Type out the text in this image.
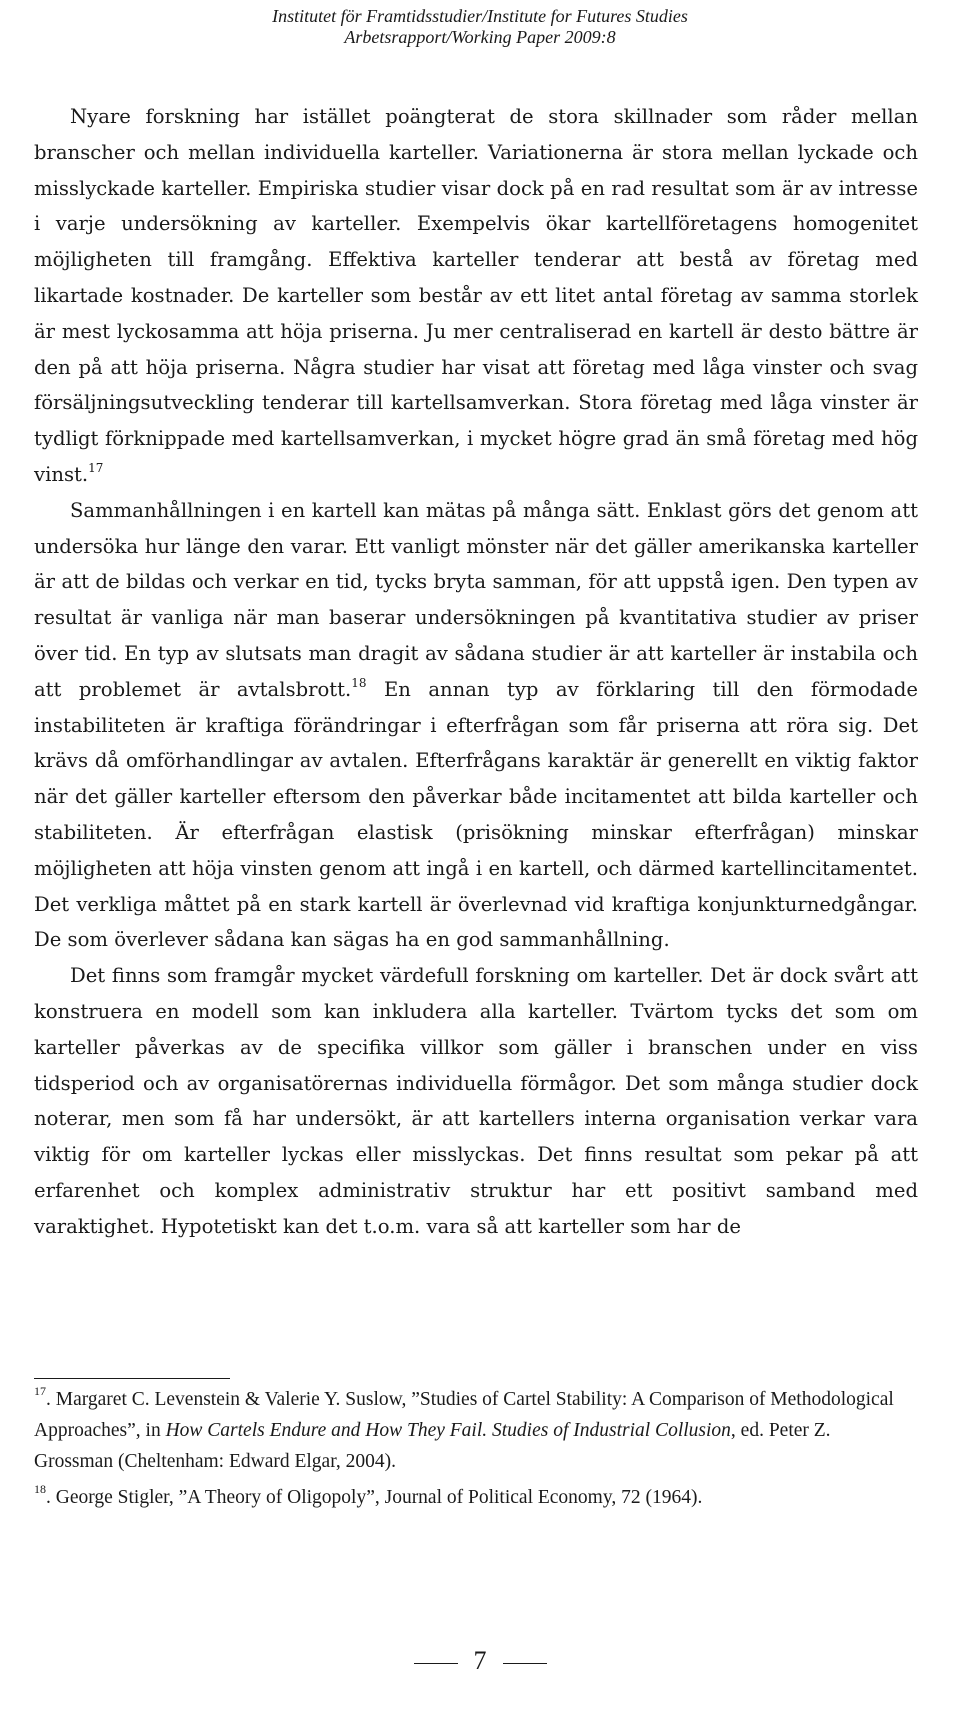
Institutet för Framtidsstudier/Institute for Futures Studies
Arbetsrapport/Working Paper 2009:8

Nyare forskning har istället poängterat de stora skillnader som råder mellan branscher och mellan individuella karteller. Variationerna är stora mellan lyckade och misslyckade karteller. Empiriska studier visar dock på en rad resultat som är av intresse i varje undersökning av karteller. Exempelvis ökar kartellföretagens homogenitet möjligheten till framgång. Effektiva karteller tenderar att bestå av företag med likartade kostnader. De karteller som består av ett litet antal företag av samma storlek är mest lyckosamma att höja priserna. Ju mer centraliserad en kartell är desto bättre är den på att höja priserna. Några studier har visat att företag med låga vinster och svag försäljningsutveckling tenderar till kartellsamverkan. Stora företag med låga vinster är tydligt förknippade med kartellsamverkan, i mycket högre grad än små företag med hög vinst.$^{17}$

Sammanhållningen i en kartell kan mätas på många sätt. Enklast görs det genom att undersöka hur länge den varar. Ett vanligt mönster när det gäller amerikanska karteller är att de bildas och verkar en tid, tycks bryta samman, för att uppstå igen. Den typen av resultat är vanliga när man baserar undersökningen på kvantitativa studier av priser över tid. En typ av slutsats man dragit av sådana studier är att karteller är instabila och att problemet är avtalsbrott.$^{18}$ En annan typ av förklaring till den förmodade instabiliteten är kraftiga förändringar i efterfrågan som får priserna att röra sig. Det krävs då omförhandlingar av avtalen. Efterfrågans karaktär är generellt en viktig faktor när det gäller karteller eftersom den påverkar både incitamentet att bilda karteller och stabiliteten. Är efterfrågan elastisk (prisökning minskar efterfrågan) minskar möjligheten att höja vinsten genom att ingå i en kartell, och därmed kartellincitamentet. Det verkliga måttet på en stark kartell är överlevnad vid kraftiga konjunkturnedgångar. De som överlever sådana kan sägas ha en god sammanhållning.

Det finns som framgår mycket värdefull forskning om karteller. Det är dock svårt att konstruera en modell som kan inkludera alla karteller. Tvärtom tycks det som om karteller påverkas av de specifika villkor som gäller i branschen under en viss tidsperiod och av organisatörernas individuella förmågor. Det som många studier dock noterar, men som få har undersökt, är att kartellers interna organisation verkar vara viktig för om karteller lyckas eller misslyckas. Det finns resultat som pekar på att erfarenhet och komplex administrativ struktur har ett positivt samband med varaktighet. Hypotetiskt kan det t.o.m. vara så att karteller som har de

$^{17}$. Margaret C. Levenstein & Valerie Y. Suslow, ”Studies of Cartel Stability: A Comparison of Methodological Approaches”, in How Cartels Endure and How They Fail. Studies of Industrial Collusion, ed. Peter Z. Grossman (Cheltenham: Edward Elgar, 2004).

$^{18}$. George Stigler, ”A Theory of Oligopoly”, Journal of Political Economy, 72 (1964).

7
